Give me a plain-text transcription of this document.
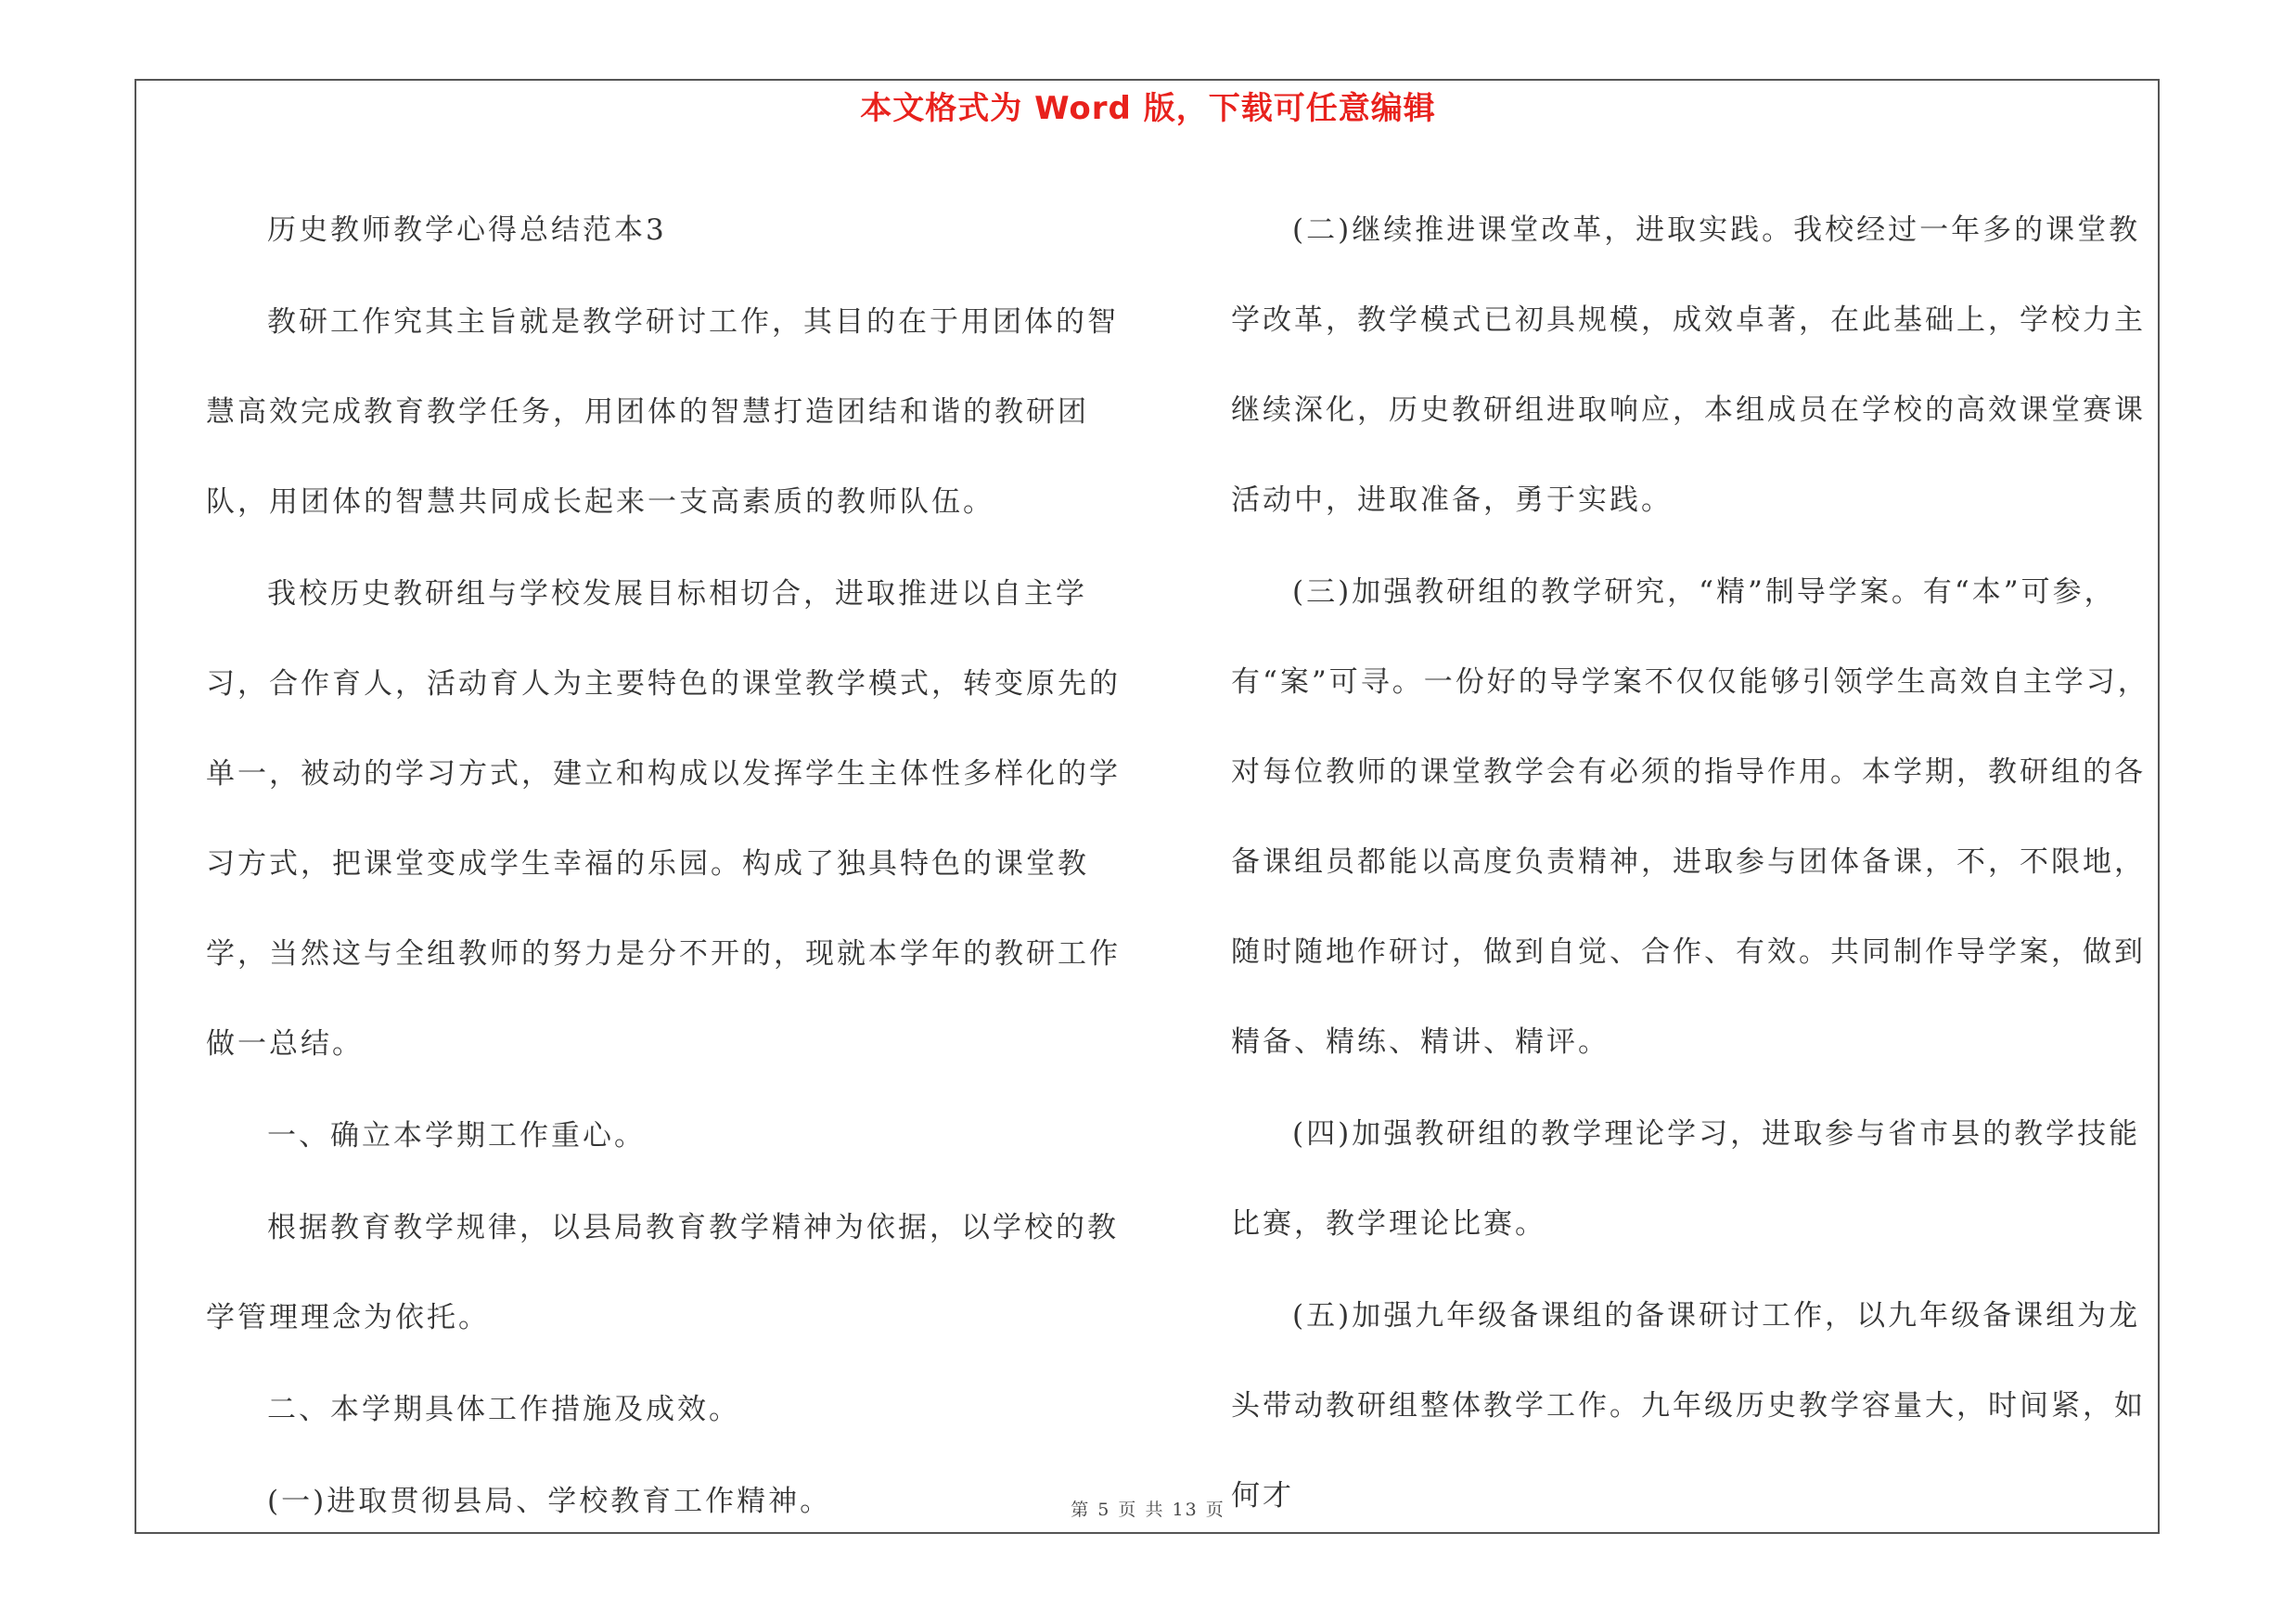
本文格式为 Word 版，下载可任意编辑

历史教师教学心得总结范本3

教研工作究其主旨就是教学研讨工作，其目的在于用团体的智慧高效完成教育教学任务，用团体的智慧打造团结和谐的教研团队，用团体的智慧共同成长起来一支高素质的教师队伍。

我校历史教研组与学校发展目标相切合，进取推进以自主学习，合作育人，活动育人为主要特色的课堂教学模式，转变原先的单一，被动的学习方式，建立和构成以发挥学生主体性多样化的学习方式，把课堂变成学生幸福的乐园。构成了独具特色的课堂教学，当然这与全组教师的努力是分不开的，现就本学年的教研工作做一总结。

一、确立本学期工作重心。

根据教育教学规律，以县局教育教学精神为依据，以学校的教学管理理念为依托。

二、本学期具体工作措施及成效。

(一)进取贯彻县局、学校教育工作精神。

(二)继续推进课堂改革，进取实践。我校经过一年多的课堂教学改革，教学模式已初具规模，成效卓著，在此基础上，学校力主继续深化，历史教研组进取响应，本组成员在学校的高效课堂赛课活动中，进取准备，勇于实践。

(三)加强教研组的教学研究，“精”制导学案。有“本”可参，有“案”可寻。一份好的导学案不仅仅能够引领学生高效自主学习，对每位教师的课堂教学会有必须的指导作用。本学期，教研组的各备课组员都能以高度负责精神，进取参与团体备课，不，不限地，随时随地作研讨，做到自觉、合作、有效。共同制作导学案，做到精备、精练、精讲、精评。

(四)加强教研组的教学理论学习，进取参与省市县的教学技能比赛，教学理论比赛。

(五)加强九年级备课组的备课研讨工作，以九年级备课组为龙头带动教研组整体教学工作。九年级历史教学容量大，时间紧，如何才

第 5 页 共 13 页
